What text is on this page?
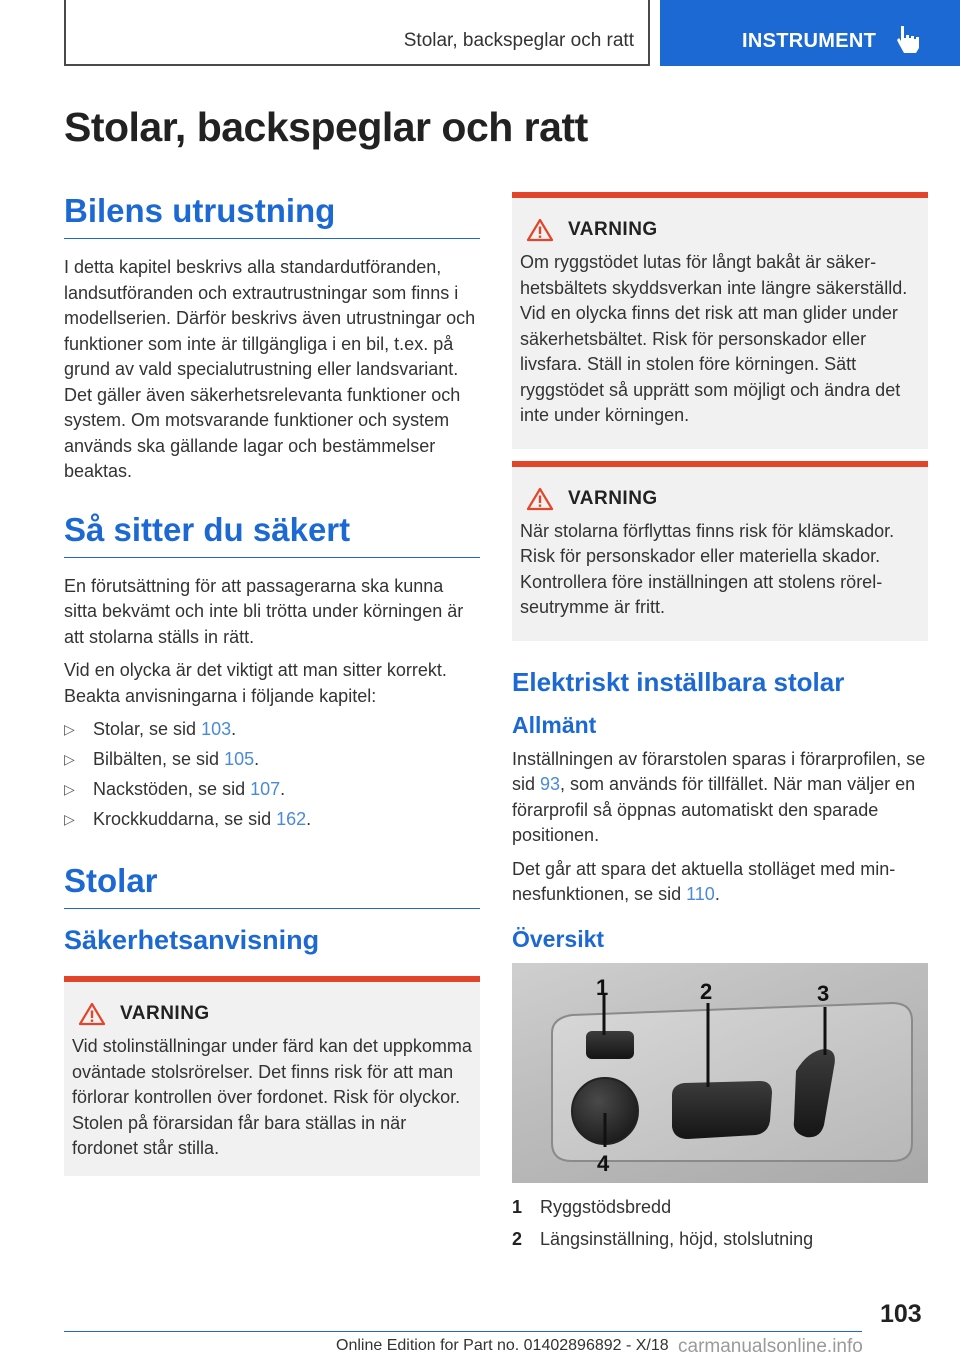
Stolar, backspeglar och ratt	INSTRUMENT
Stolar, backspeglar och ratt
Bilens utrustning

I detta kapitel beskrivs alla standardutföranden, landsutföranden och extrautrustningar som finns i modellserien. Därför beskrivs även utrustningar och funktioner som inte är tillgängliga i en bil, t.ex. på grund av vald specialutrustning eller landsvariant. Det gäller även säkerhetsrelevanta funktioner och system. Om motsvarande funktioner och system används ska gällande lagar och bestämmelser beaktas.

Så sitter du säkert

En förutsättning för att passagerarna ska kunna sitta bekvämt och inte bli trötta under körningen är att stolarna ställs in rätt.

Vid en olycka är det viktigt att man sitter korrekt. Beakta anvisningarna i följande kapitel:

▷ Stolar, se sid 103.
▷ Bilbälten, se sid 105.
▷ Nackstöden, se sid 107.
▷ Krockkuddarna, se sid 162.
Stolar
Säkerhetsanvisning
VARNING

Vid stolinställningar under färd kan det uppkomma oväntade stolsrörelser. Det finns risk för att man förlorar kontrollen över fordonet. Risk för olyckor. Stolen på förarsidan får bara ställas in när fordonet står stilla.

VARNING

Om ryggstödet lutas för långt bakåt är säkerhetsbältets skyddsverkan inte längre säkerställd. Vid en olycka finns det risk att man glider under säkerhetsbältet. Risk för personskador eller livsfara. Ställ in stolen före körningen. Sätt ryggstödet så upprätt som möjligt och ändra det inte under körningen.

VARNING

När stolarna förflyttas finns risk för klämskador. Risk för personskador eller materiella skador. Kontrollera före inställningen att stolens rörelseutrymme är fritt.

Elektriskt inställbara stolar
Allmänt

Inställningen av förarstolen sparas i förarprofilen, se sid 93, som används för tillfället. När man väljer en förarprofil så öppnas automatiskt den sparade positionen.

Det går att spara det aktuella stolläget med minnesfunktionen, se sid 110.

Översikt
1	2	3
4
1 Ryggstödsbredd
2 Längsinställning, höjd, stolslutning
103
Online Edition for Part no. 01402896892 - X/18 carmanualsonline.info
